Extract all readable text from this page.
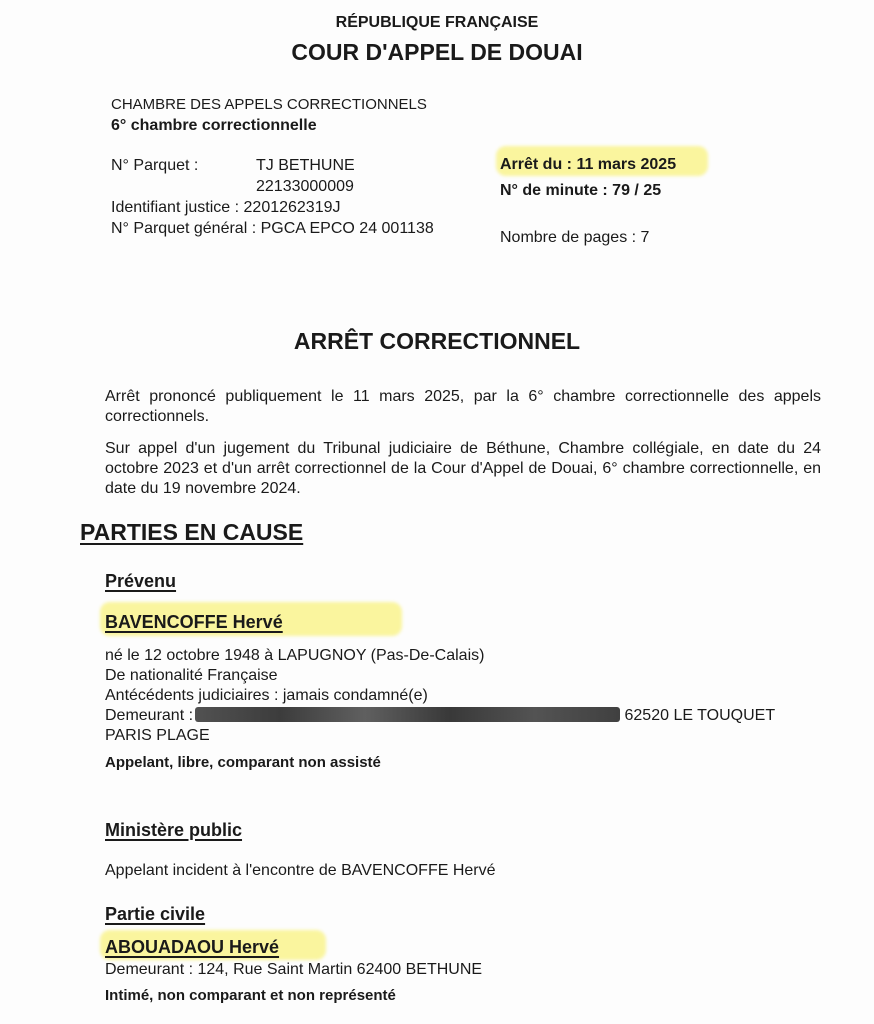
RÉPUBLIQUE FRANÇAISE
COUR D'APPEL DE DOUAI
CHAMBRE DES APPELS CORRECTIONNELS
6° chambre correctionnelle
N° Parquet :	TJ BETHUNE
22133000009
Identifiant justice : 2201262319J
N° Parquet général : PGCA EPCO 24 001138
Arrêt du : 11 mars 2025
N° de minute : 79 / 25
Nombre de pages : 7
ARRÊT CORRECTIONNEL
Arrêt prononcé publiquement le 11 mars 2025, par la 6° chambre correctionnelle des appels correctionnels.
Sur appel d'un jugement du Tribunal judiciaire de Béthune, Chambre collégiale, en date du 24 octobre 2023 et d'un arrêt correctionnel de la Cour d'Appel de Douai, 6° chambre correctionnelle, en date du 19 novembre 2024.
PARTIES EN CAUSE
Prévenu
BAVENCOFFE Hervé
né le 12 octobre 1948 à LAPUGNOY (Pas-De-Calais)
De nationalité Française
Antécédents judiciaires : jamais condamné(e)
Demeurant :	62520 LE TOUQUET
PARIS PLAGE
Appelant, libre, comparant non assisté
Ministère public
Appelant incident à l'encontre de BAVENCOFFE Hervé
Partie civile
ABOUADAOU Hervé
Demeurant : 124, Rue Saint Martin 62400 BETHUNE
Intimé, non comparant et non représenté
